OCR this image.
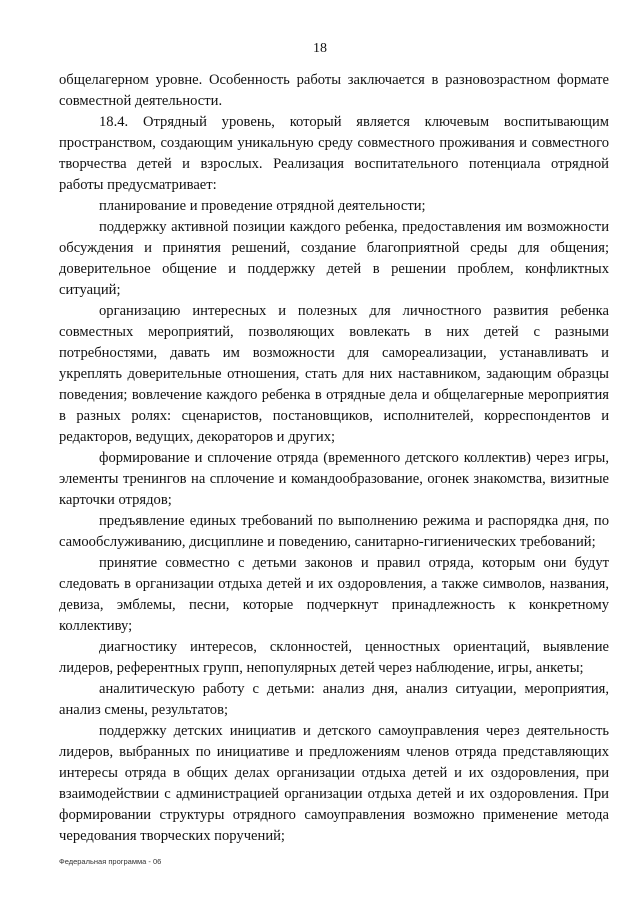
18

общелагерном уровне. Особенность работы заключается в разновозрастном формате совместной деятельности.

18.4. Отрядный уровень, который является ключевым воспитывающим пространством, создающим уникальную среду совместного проживания и совместного творчества детей и взрослых. Реализация воспитательного потенциала отрядной работы предусматривает:

планирование и проведение отрядной деятельности;

поддержку активной позиции каждого ребенка, предоставления им возможности обсуждения и принятия решений, создание благоприятной среды для общения; доверительное общение и поддержку детей в решении проблем, конфликтных ситуаций;

организацию интересных и полезных для личностного развития ребенка совместных мероприятий, позволяющих вовлекать в них детей с разными потребностями, давать им возможности для самореализации, устанавливать и укреплять доверительные отношения, стать для них наставником, задающим образцы поведения; вовлечение каждого ребенка в отрядные дела и общелагерные мероприятия в разных ролях: сценаристов, постановщиков, исполнителей, корреспондентов и редакторов, ведущих, декораторов и других;

формирование и сплочение отряда (временного детского коллектив) через игры, элементы тренингов на сплочение и командообразование, огонек знакомства, визитные карточки отрядов;

предъявление единых требований по выполнению режима и распорядка дня, по самообслуживанию, дисциплине и поведению, санитарно-гигиенических требований;

принятие совместно с детьми законов и правил отряда, которым они будут следовать в организации отдыха детей и их оздоровления, а также символов, названия, девиза, эмблемы, песни, которые подчеркнут принадлежность к конкретному коллективу;

диагностику интересов, склонностей, ценностных ориентаций, выявление лидеров, референтных групп, непопулярных детей через наблюдение, игры, анкеты;

аналитическую работу с детьми: анализ дня, анализ ситуации, мероприятия, анализ смены, результатов;

поддержку детских инициатив и детского самоуправления через деятельность лидеров, выбранных по инициативе и предложениям членов отряда представляющих интересы отряда в общих делах организации отдыха детей и их оздоровления, при взаимодействии с администрацией организации отдыха детей и их оздоровления. При формировании структуры отрядного самоуправления возможно применение метода чередования творческих поручений;

Федеральная программа - 06
